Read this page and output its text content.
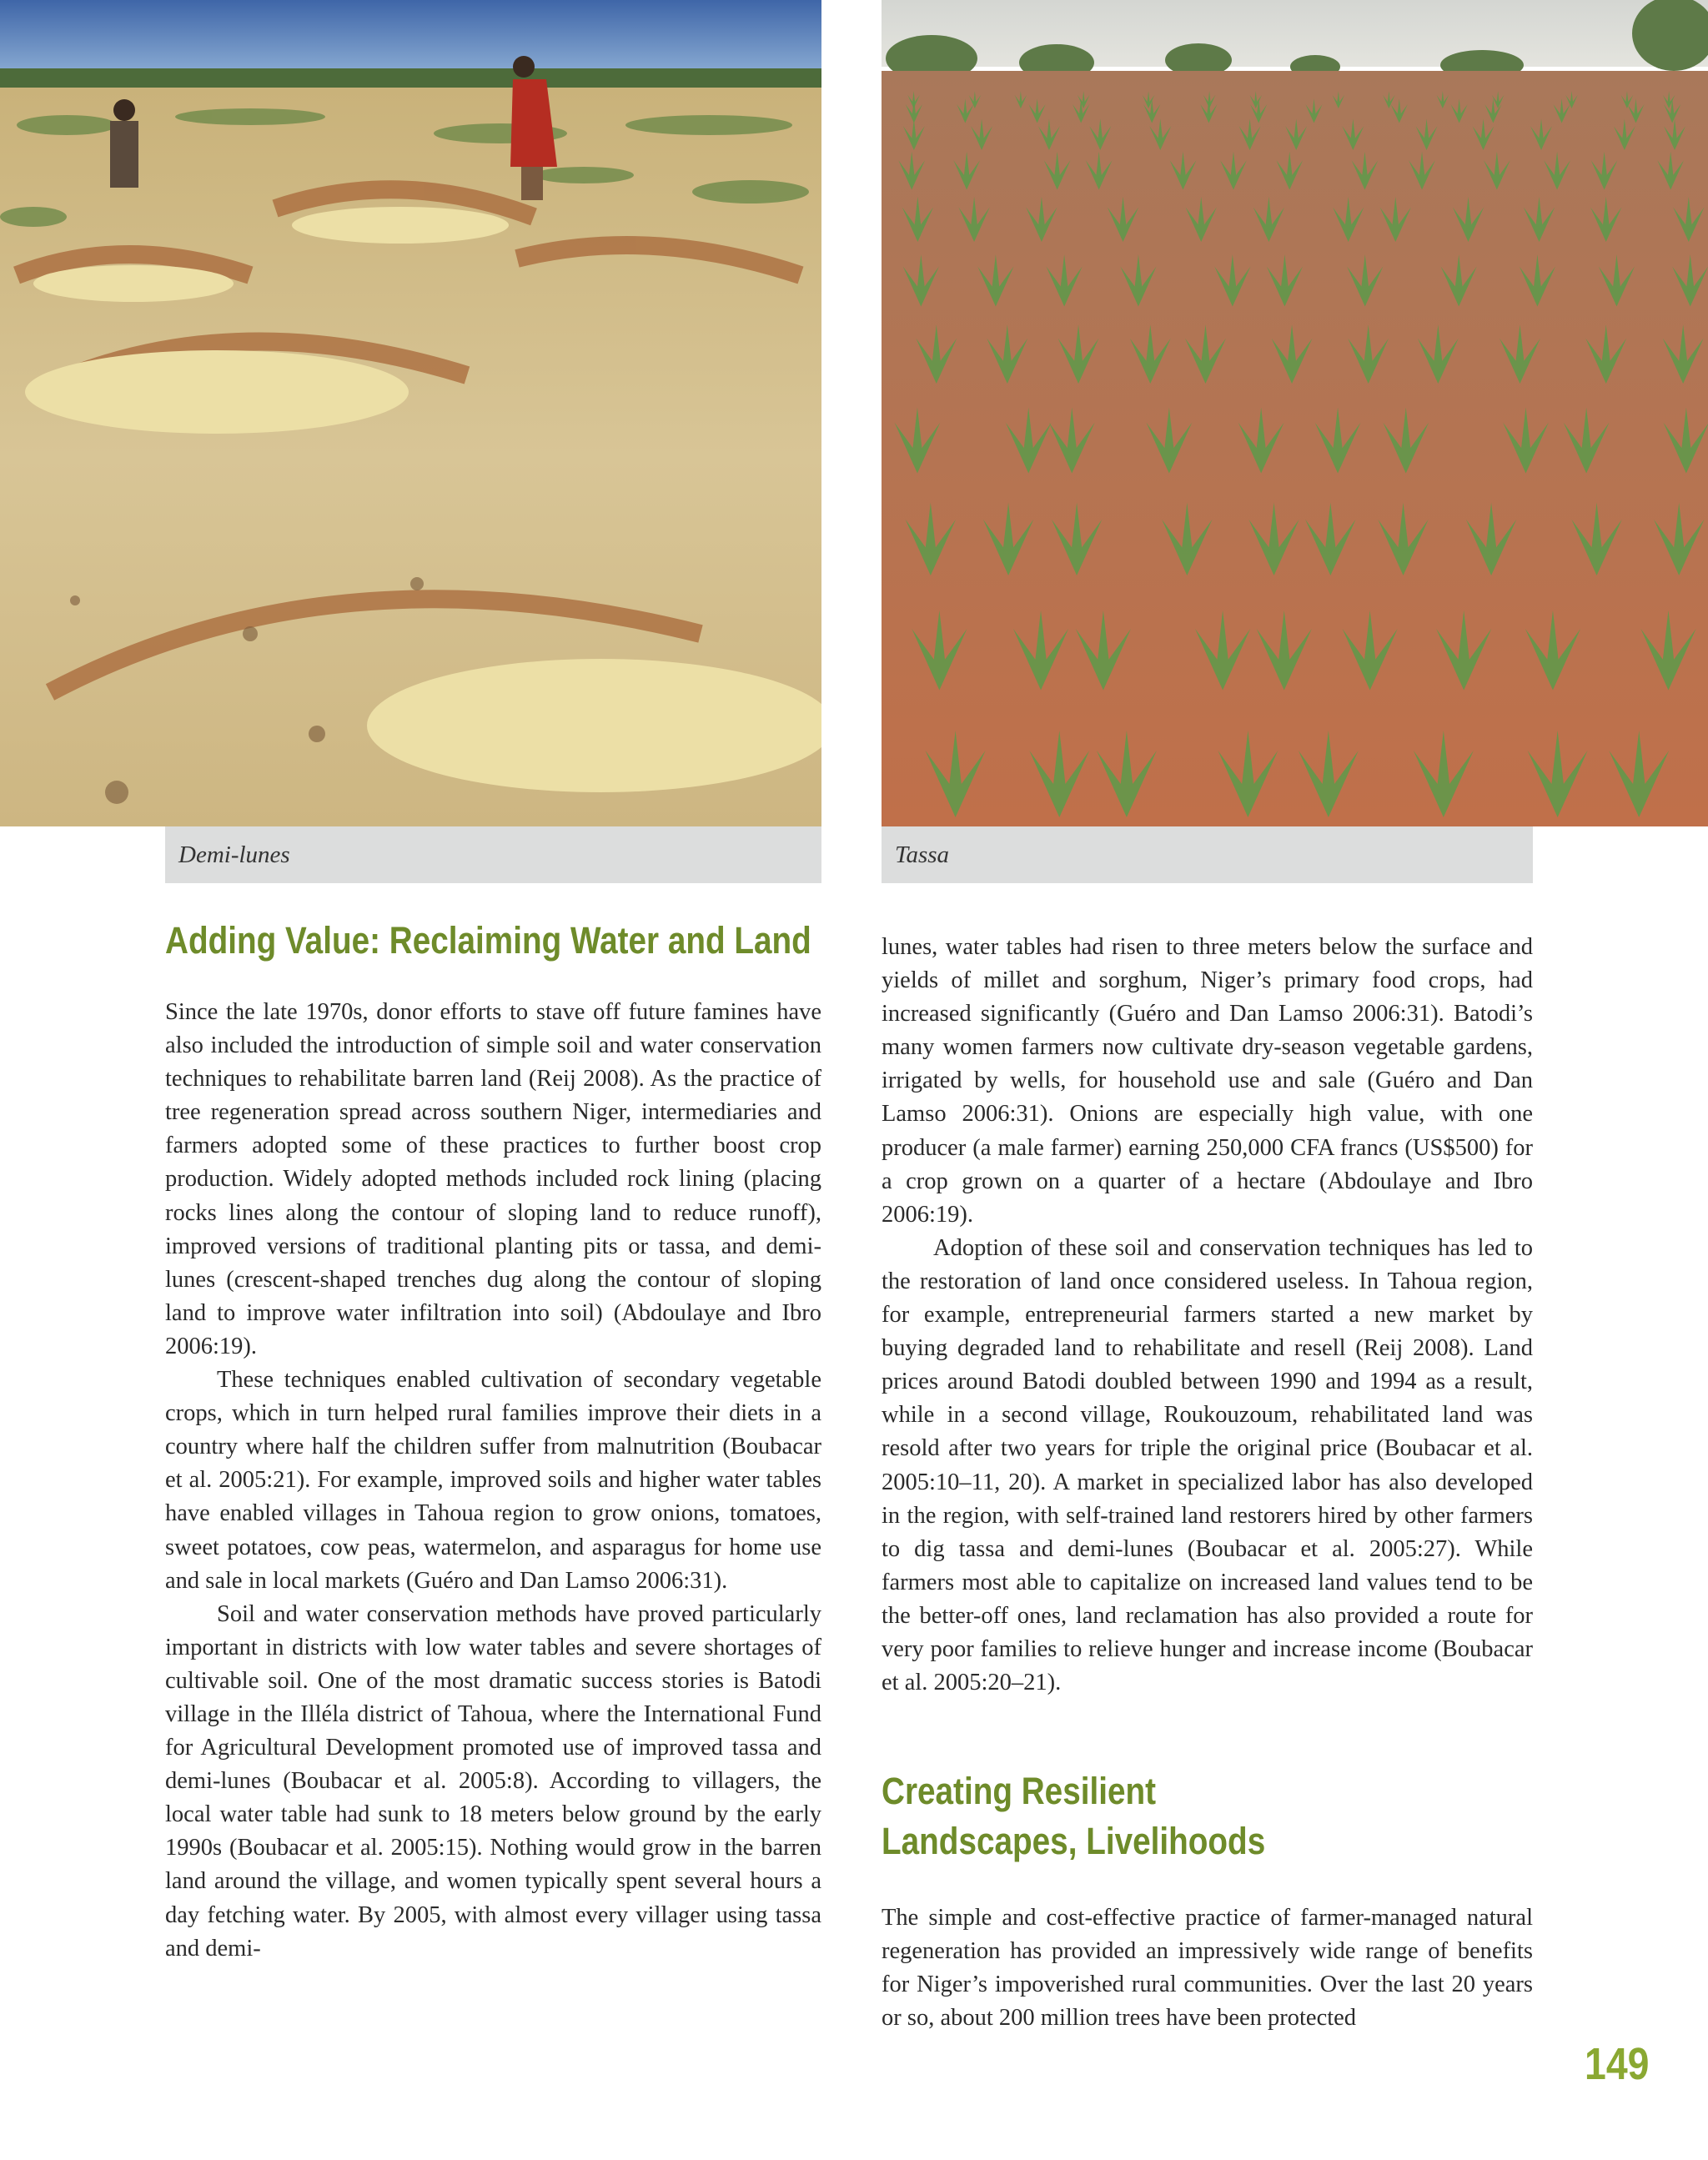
Demi-lunes	Tassa
Adding Value: Reclaiming Water and Land

Since the late 1970s, donor efforts to stave off future famines have also included the introduction of simple soil and water conservation techniques to rehabilitate barren land (Reij 2008). As the practice of tree regeneration spread across southern Niger, intermediaries and farmers adopted some of these practices to further boost crop production. Widely adopted methods included rock lining (placing rocks lines along the contour of sloping land to reduce runoff), improved versions of traditional planting pits or tassa, and demi-lunes (crescent-shaped trenches dug along the contour of sloping land to improve water infiltration into soil) (Abdoulaye and Ibro 2006:19).

These techniques enabled cultivation of secondary vegetable crops, which in turn helped rural families improve their diets in a country where half the children suffer from malnutrition (Boubacar et al. 2005:21). For example, improved soils and higher water tables have enabled villages in Tahoua region to grow onions, tomatoes, sweet potatoes, cow peas, watermelon, and asparagus for home use and sale in local markets (Guéro and Dan Lamso 2006:31).

Soil and water conservation methods have proved particularly important in districts with low water tables and severe shortages of cultivable soil. One of the most dramatic success stories is Batodi village in the Illéla district of Tahoua, where the International Fund for Agricultural Development promoted use of improved tassa and demi-lunes (Boubacar et al. 2005:8). According to villagers, the local water table had sunk to 18 meters below ground by the early 1990s (Boubacar et al. 2005:15). Nothing would grow in the barren land around the village, and women typically spent several hours a day fetching water. By 2005, with almost every villager using tassa and demi-

lunes, water tables had risen to three meters below the surface and yields of millet and sorghum, Niger’s primary food crops, had increased significantly (Guéro and Dan Lamso 2006:31). Batodi’s many women farmers now cultivate dry-season vegetable gardens, irrigated by wells, for household use and sale (Guéro and Dan Lamso 2006:31). Onions are especially high value, with one producer (a male farmer) earning 250,000 CFA francs (US$500) for a crop grown on a quarter of a hectare (Abdoulaye and Ibro 2006:19).

Adoption of these soil and conservation techniques has led to the restoration of land once considered useless. In Tahoua region, for example, entrepreneurial farmers started a new market by buying degraded land to rehabilitate and resell (Reij 2008). Land prices around Batodi doubled between 1990 and 1994 as a result, while in a second village, Roukouzoum, rehabilitated land was resold after two years for triple the original price (Boubacar et al. 2005:10–11, 20). A market in specialized labor has also developed in the region, with self-trained land restorers hired by other farmers to dig tassa and demi-lunes (Boubacar et al. 2005:27). While farmers most able to capitalize on increased land values tend to be the better-off ones, land reclamation has also provided a route for very poor families to relieve hunger and increase income (Boubacar et al. 2005:20–21).

Creating Resilient
Landscapes, Livelihoods

The simple and cost-effective practice of farmer-managed natural regeneration has provided an impressively wide range of benefits for Niger’s impoverished rural communities. Over the last 20 years or so, about 200 million trees have been protected

149
